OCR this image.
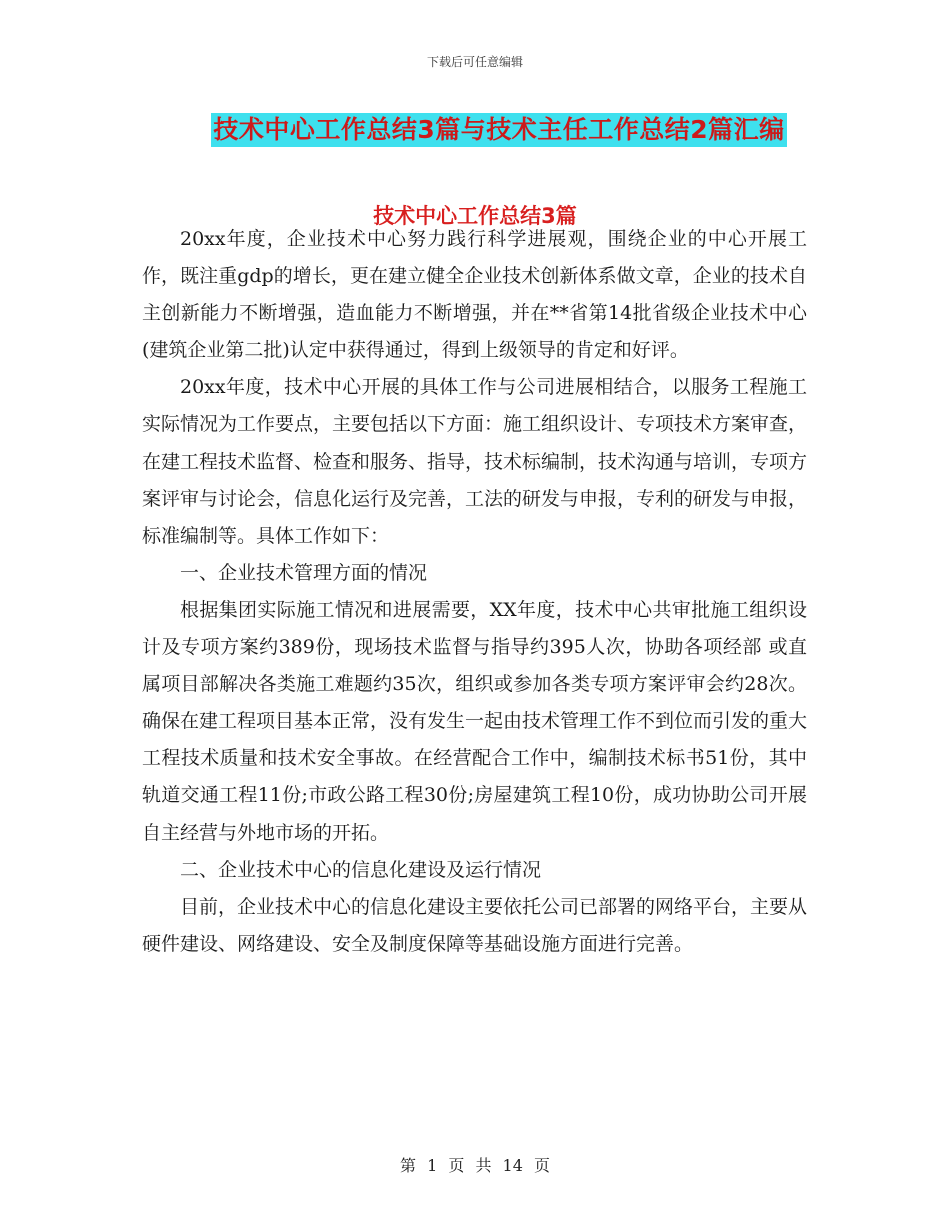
下载后可任意编辑
技术中心工作总结3篇与技术主任工作总结2篇汇编
技术中心工作总结3篇

20xx年度，企业技术中心努力践行科学进展观，围绕企业的中心开展工作，既注重gdp的增长，更在建立健全企业技术创新体系做文章，企业的技术自主创新能力不断增强，造血能力不断增强，并在**省第14批省级企业技术中心(建筑企业第二批)认定中获得通过，得到上级领导的肯定和好评。

20xx年度，技术中心开展的具体工作与公司进展相结合，以服务工程施工实际情况为工作要点，主要包括以下方面：施工组织设计、专项技术方案审查，在建工程技术监督、检查和服务、指导，技术标编制，技术沟通与培训，专项方案评审与讨论会，信息化运行及完善，工法的研发与申报，专利的研发与申报，标准编制等。具体工作如下：

一、企业技术管理方面的情况

根据集团实际施工情况和进展需要，XX年度，技术中心共审批施工组织设计及专项方案约389份，现场技术监督与指导约395人次，协助各项经部 或直属项目部解决各类施工难题约35次，组织或参加各类专项方案评审会约28次。确保在建工程项目基本正常，没有发生一起由技术管理工作不到位而引发的重大工程技术质量和技术安全事故。在经营配合工作中，编制技术标书51份，其中轨道交通工程11份;市政公路工程30份;房屋建筑工程10份，成功协助公司开展自主经营与外地市场的开拓。

二、企业技术中心的信息化建设及运行情况

目前，企业技术中心的信息化建设主要依托公司已部署的网络平台，主要从硬件建设、网络建设、安全及制度保障等基础设施方面进行完善。

第 1 页 共 14 页
